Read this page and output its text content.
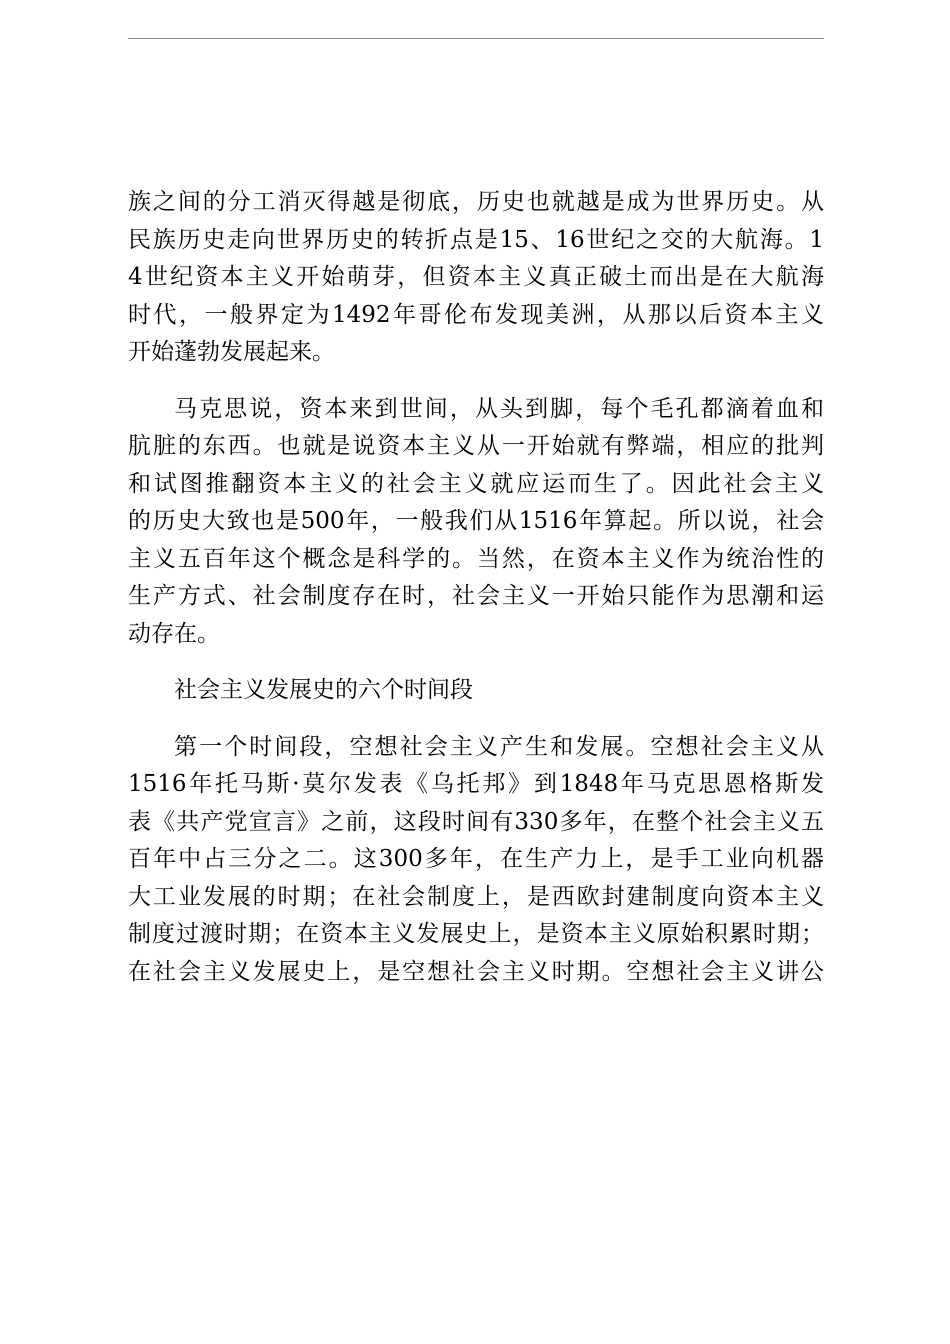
族之间的分工消灭得越是彻底，历史也就越是成为世界历史。从
民族历史走向世界历史的转折点是15、16世纪之交的大航海。1
4世纪资本主义开始萌芽，但资本主义真正破土而出是在大航海
时代，一般界定为1492年哥伦布发现美洲，从那以后资本主义
开始蓬勃发展起来。
马克思说，资本来到世间，从头到脚，每个毛孔都滴着血和
肮脏的东西。也就是说资本主义从一开始就有弊端，相应的批判
和试图推翻资本主义的社会主义就应运而生了。因此社会主义
的历史大致也是500年，一般我们从1516年算起。所以说，社会
主义五百年这个概念是科学的。当然，在资本主义作为统治性的
生产方式、社会制度存在时，社会主义一开始只能作为思潮和运
动存在。
社会主义发展史的六个时间段
第一个时间段，空想社会主义产生和发展。空想社会主义从
1516年托马斯·莫尔发表《乌托邦》到1848年马克思恩格斯发
表《共产党宣言》之前，这段时间有330多年，在整个社会主义五
百年中占三分之二。这300多年，在生产力上，是手工业向机器
大工业发展的时期；在社会制度上，是西欧封建制度向资本主义
制度过渡时期；在资本主义发展史上，是资本主义原始积累时期；
在社会主义发展史上，是空想社会主义时期。空想社会主义讲公
